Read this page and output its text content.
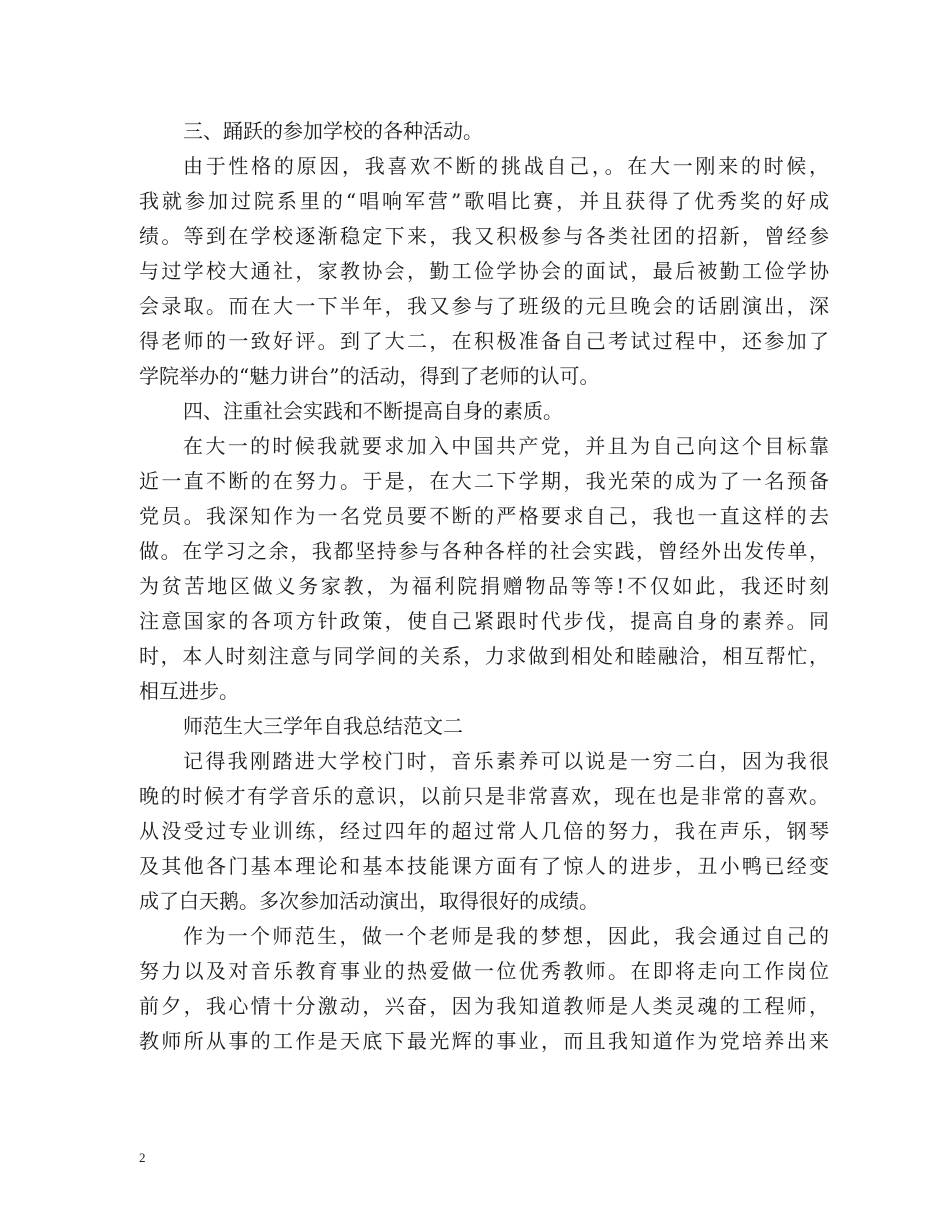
三、踊跃的参加学校的各种活动。
由于性格的原因，我喜欢不断的挑战自己，。在大一刚来的时候，
我就参加过院系里的“唱响军营”歌唱比赛，并且获得了优秀奖的好成
绩。等到在学校逐渐稳定下来，我又积极参与各类社团的招新，曾经参
与过学校大通社，家教协会，勤工俭学协会的面试，最后被勤工俭学协
会录取。而在大一下半年，我又参与了班级的元旦晚会的话剧演出，深
得老师的一致好评。到了大二，在积极准备自己考试过程中，还参加了
学院举办的“魅力讲台”的活动，得到了老师的认可。
四、注重社会实践和不断提高自身的素质。
在大一的时候我就要求加入中国共产党，并且为自己向这个目标靠
近一直不断的在努力。于是，在大二下学期，我光荣的成为了一名预备
党员。我深知作为一名党员要不断的严格要求自己，我也一直这样的去
做。在学习之余，我都坚持参与各种各样的社会实践，曾经外出发传单，
为贫苦地区做义务家教，为福利院捐赠物品等等!不仅如此，我还时刻
注意国家的各项方针政策，使自己紧跟时代步伐，提高自身的素养。同
时，本人时刻注意与同学间的关系，力求做到相处和睦融洽，相互帮忙，
相互进步。
师范生大三学年自我总结范文二
记得我刚踏进大学校门时，音乐素养可以说是一穷二白，因为我很
晚的时候才有学音乐的意识，以前只是非常喜欢，现在也是非常的喜欢。
从没受过专业训练，经过四年的超过常人几倍的努力，我在声乐，钢琴
及其他各门基本理论和基本技能课方面有了惊人的进步，丑小鸭已经变
成了白天鹅。多次参加活动演出，取得很好的成绩。
作为一个师范生，做一个老师是我的梦想，因此，我会通过自己的
努力以及对音乐教育事业的热爱做一位优秀教师。在即将走向工作岗位
前夕，我心情十分激动，兴奋，因为我知道教师是人类灵魂的工程师，
教师所从事的工作是天底下最光辉的事业，而且我知道作为党培养出来
2
